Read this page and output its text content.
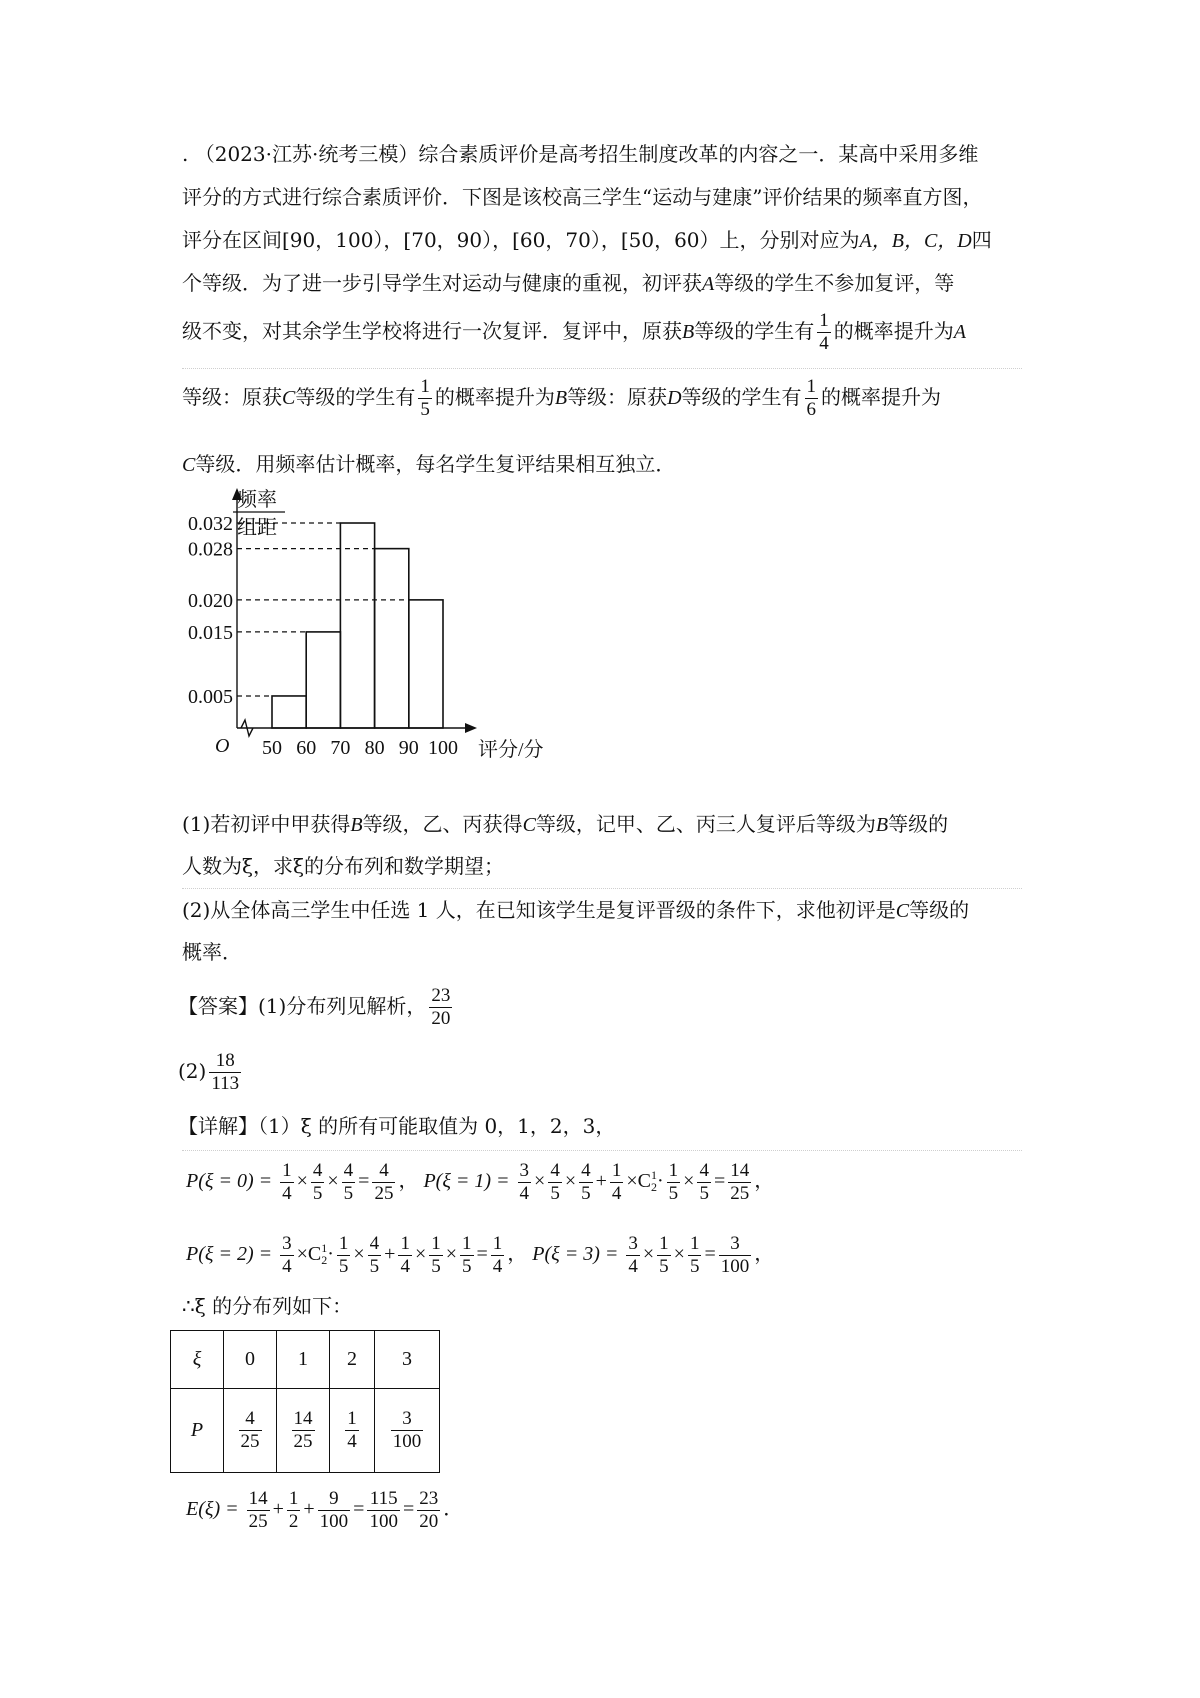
. （2023·江苏·统考三模）综合素质评价是高考招生制度改革的内容之一．某高中采用多维
评分的方式进行综合素质评价．下图是该校高三学生“运动与建康”评价结果的频率直方图，
评分在区间[90，100），[70，90），[60，70），[50，60）上，分别对应为A，B，C，D四
个等级．为了进一步引导学生对运动与健康的重视，初评获A等级的学生不参加复评，等
级不变，对其余学生学校将进行一次复评．复评中，原获B等级的学生有 $\frac{1}{4}$ 的概率提升为A
等级：原获C等级的学生有 $\frac{1}{5}$ 的概率提升为B等级：原获D等级的学生有 $\frac{1}{6}$ 的概率提升为
C等级．用频率估计概率，每名学生复评结果相互独立．
0.005
0.015
0.020
0.028
0.032
50 60 70 80 90 100
O	评分/分
频率
组距
(1)若初评中甲获得B等级，乙、丙获得C等级，记甲、乙、丙三人复评后等级为B等级的
人数为ξ，求ξ的分布列和数学期望；
(2)从全体高三学生中任选 1 人，在已知该学生是复评晋级的条件下，求他初评是C等级的
概率．
【答案】(1)分布列见解析， $\frac{23}{20}$
$(2) \frac{18}{113}$
【详解】（1）ξ 的所有可能取值为 0，1，2，3，
$P(\xi = 0) = \frac{1}{4} \times \frac{4}{5} \times \frac{4}{5} = \frac{4}{25}$ ， $P(\xi = 1) = \frac{3}{4} \times \frac{4}{5} \times \frac{4}{5} + \frac{1}{4} \times C_2^1\cdot \frac{1}{5} \times \frac{4}{5} = \frac{14}{25}$ ，
$P(\xi = 2) = \frac{3}{4} \times C_2^1\cdot \frac{1}{5} \times \frac{4}{5} + \frac{1}{4} \times \frac{1}{5} \times \frac{1}{5} = \frac{1}{4}$ ， $P(\xi = 3) = \frac{3}{4} \times \frac{1}{5} \times \frac{1}{5} = \frac{3}{100}$ ，
∴ξ 的分布列如下：
ξ	0	1	2	3
P	$\frac{4}{25}$	$\frac{14}{25}$	$\frac{1}{4}$	$\frac{3}{100}$
$E(\xi) = \frac{14}{25} + \frac{1}{2} + \frac{9}{100} = \frac{115}{100} = \frac{23}{20}$ ．
